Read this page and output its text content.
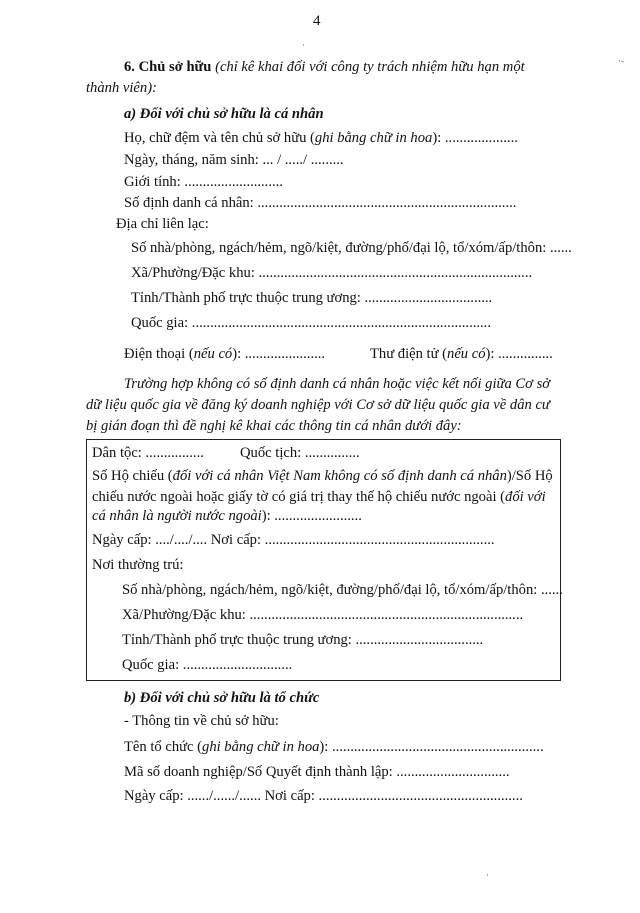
4
·
·‐
·
6. Chủ sở hữu (chỉ kê khai đối với công ty trách nhiệm hữu hạn một
thành viên):
a) Đối với chủ sở hữu là cá nhân
Họ, chữ đệm và tên chủ sở hữu (ghi bằng chữ in hoa): ....................
Ngày, tháng, năm sinh: ... / ...../ .........
Giới tính: ...........................
Số định danh cá nhân: .......................................................................
Địa chỉ liên lạc:
Số nhà/phòng, ngách/hẻm, ngõ/kiệt, đường/phố/đại lộ, tổ/xóm/ấp/thôn: ......
Xã/Phường/Đặc khu: ...........................................................................
Tỉnh/Thành phố trực thuộc trung ương: ...................................
Quốc gia: ..................................................................................
Điện thoại (nếu có): ......................	Thư điện tử (nếu có): ...............
Trường hợp không có số định danh cá nhân hoặc việc kết nối giữa Cơ sở
dữ liệu quốc gia về đăng ký doanh nghiệp với Cơ sở dữ liệu quốc gia về dân cư
bị gián đoạn thì đề nghị kê khai các thông tin cá nhân dưới đây:
Dân tộc: ................ Quốc tịch: ...............
Số Hộ chiếu (đối với cá nhân Việt Nam không có số định danh cá nhân)/Số Hộ
chiếu nước ngoài hoặc giấy tờ có giá trị thay thế hộ chiếu nước ngoài (đối với
cá nhân là người nước ngoài): ........................
Ngày cấp: ..../..../.... Nơi cấp: ...............................................................
Nơi thường trú:
Số nhà/phòng, ngách/hẻm, ngõ/kiệt, đường/phố/đại lộ, tổ/xóm/ấp/thôn: ......
Xã/Phường/Đặc khu: ...........................................................................
Tỉnh/Thành phố trực thuộc trung ương: ...................................
Quốc gia: ..............................
b) Đối với chủ sở hữu là tổ chức
- Thông tin về chủ sở hữu:
Tên tổ chức (ghi bằng chữ in hoa): ..........................................................
Mã số doanh nghiệp/Số Quyết định thành lập: ...............................
Ngày cấp: ....../....../...... Nơi cấp: ........................................................
